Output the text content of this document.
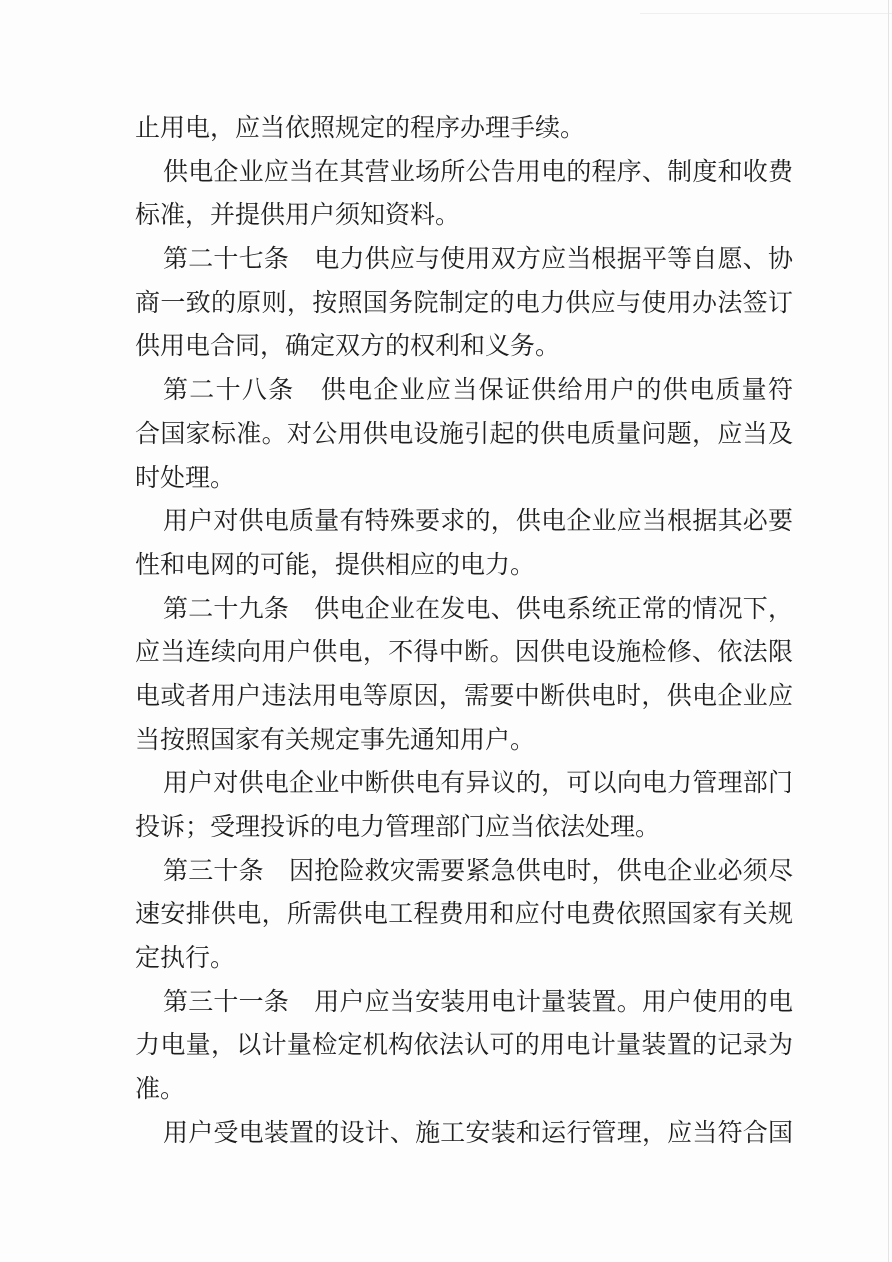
止用电，应当依照规定的程序办理手续。
供电企业应当在其营业场所公告用电的程序、制度和收费
标准，并提供用户须知资料。
第二十七条　电力供应与使用双方应当根据平等自愿、协
商一致的原则，按照国务院制定的电力供应与使用办法签订
供用电合同，确定双方的权利和义务。
第二十八条　供电企业应当保证供给用户的供电质量符
合国家标准。对公用供电设施引起的供电质量问题，应当及
时处理。
用户对供电质量有特殊要求的，供电企业应当根据其必要
性和电网的可能，提供相应的电力。
第二十九条　供电企业在发电、供电系统正常的情况下，
应当连续向用户供电，不得中断。因供电设施检修、依法限
电或者用户违法用电等原因，需要中断供电时，供电企业应
当按照国家有关规定事先通知用户。
用户对供电企业中断供电有异议的，可以向电力管理部门
投诉；受理投诉的电力管理部门应当依法处理。
第三十条　因抢险救灾需要紧急供电时，供电企业必须尽
速安排供电，所需供电工程费用和应付电费依照国家有关规
定执行。
第三十一条　用户应当安装用电计量装置。用户使用的电
力电量，以计量检定机构依法认可的用电计量装置的记录为
准。
用户受电装置的设计、施工安装和运行管理，应当符合国
